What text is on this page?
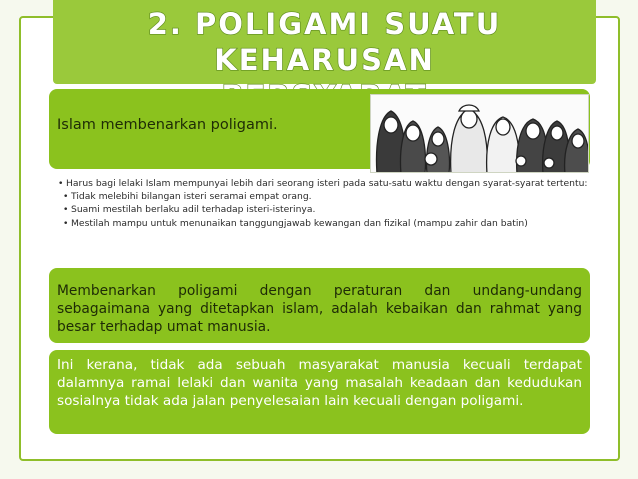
2. POLIGAMI SUATU KEHARUSAN
Islam membenarkan poligami.
• Harus bagi lelaki Islam mempunyai lebih dari seorang isteri pada satu-satu waktu dengan syarat-syarat tertentu:
• Tidak melebihi bilangan isteri seramai empat orang.
• Suami mestilah berlaku adil terhadap isteri-isterinya.
• Mestilah mampu untuk menunaikan tanggungjawab kewangan dan fizikal (mampu zahir dan batin)
Membenarkan poligami dengan peraturan dan undang-undang sebagaimana yang ditetapkan islam, adalah kebaikan dan rahmat yang besar terhadap umat manusia.
Ini kerana, tidak ada sebuah masyarakat manusia kecuali terdapat dalamnya ramai lelaki dan wanita yang masalah keadaan dan kedudukan sosialnya tidak ada jalan penyelesaian lain kecuali dengan poligami.
